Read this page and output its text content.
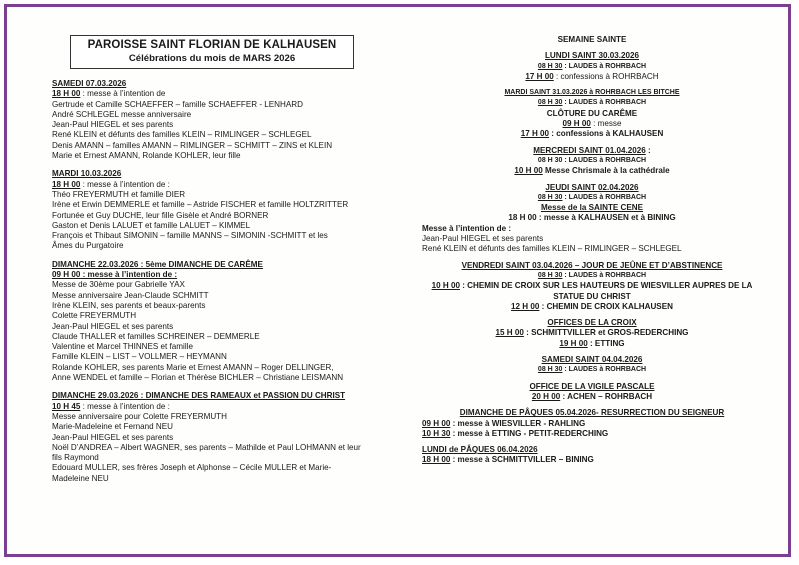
PAROISSE SAINT FLORIAN DE KALHAUSEN
Célébrations du mois de MARS 2026
SAMEDI 07.03.2026
18 H 00 : messe à l’intention de
Gertrude et Camille SCHAEFFER – famille SCHAEFFER - LENHARD
André SCHLEGEL messe anniversaire
Jean-Paul HIEGEL et ses parents
René KLEIN et défunts des familles KLEIN – RIMLINGER – SCHLEGEL
Denis AMANN – familles AMANN – RIMLINGER – SCHMITT – ZINS et KLEIN
Marie et Ernest AMANN, Rolande KOHLER, leur fille
MARDI 10.03.2026
18 H 00 : messe à l’intention de :
Théo FREYERMUTH et famille DIER
Irène et Erwin DEMMERLE et famille – Astride FISCHER et famille HOLTZRITTER
Fortunée et Guy DUCHE, leur fille Gisèle et André BORNER
Gaston et Denis LALUET et famille LALUET – KIMMEL
François et Thibaut SIMONIN – famille MANNS – SIMONIN -SCHMITT et les
Âmes du Purgatoire
DIMANCHE 22.03.2026 : 5ème DIMANCHE DE CARÊME
09 H 00 : messe à l’intention de :
Messe de 30ème pour Gabrielle YAX
Messe anniversaire Jean-Claude SCHMITT
Irène KLEIN, ses parents et beaux-parents
Colette FREYERMUTH
Jean-Paul HIEGEL et ses parents
Claude THALLER et familles SCHREINER – DEMMERLE
Valentine et Marcel THINNES et famille
Famille KLEIN – LIST – VOLLMER – HEYMANN
Rolande KOHLER, ses parents Marie et Ernest AMANN – Roger DELLINGER,
Anne WENDEL et famille – Florian et Thérèse BICHLER – Christiane LEISMANN
DIMANCHE 29.03.2026 : DIMANCHE DES RAMEAUX et PASSION DU CHRIST
10 H 45 : messe à l’intention de :
Messe anniversaire pour Colette FREYERMUTH
Marie-Madeleine et Fernand NEU
Jean-Paul HIEGEL et ses parents
Noël D’ANDREA – Albert WAGNER, ses parents – Mathilde et Paul LOHMANN et leur
fils Raymond
Edouard MULLER, ses frères Joseph et Alphonse – Cécile MULLER et Marie-
Madeleine NEU
SEMAINE SAINTE
LUNDI SAINT 30.03.2026
08 H 30 : LAUDES à ROHRBACH
17 H 00 : confessions à ROHRBACH
MARDI SAINT 31.03.2026 à ROHRBACH LES BITCHE
08 H 30 : LAUDES à ROHRBACH
CLÔTURE DU CARÊME
09 H 00 : messe
17 H 00 : confessions à KALHAUSEN
MERCREDI SAINT 01.04.2026 :
08 H 30 : LAUDES à ROHRBACH
10 H 00 Messe Chrismale à la cathédrale
JEUDI SAINT 02.04.2026
08 H 30 : LAUDES à ROHRBACH
Messe de la SAINTE CENE
18 H 00 : messe à KALHAUSEN et à BINING
Messe à l’intention de :
Jean-Paul HIEGEL et ses parents
René KLEIN et défunts des familles KLEIN – RIMLINGER – SCHLEGEL
VENDREDI SAINT 03.04.2026 – JOUR DE JEÛNE ET D’ABSTINENCE
08 H 30 : LAUDES à ROHRBACH
10 H 00 : CHEMIN DE CROIX SUR LES HAUTEURS DE WIESVILLER AUPRES DE LA
STATUE DU CHRIST
12 H 00 : CHEMIN DE CROIX KALHAUSEN
OFFICES DE LA CROIX
15 H 00 : SCHMITTVILLER et GROS-REDERCHING
19 H 00 : ETTING
SAMEDI SAINT 04.04.2026
08 H 30 : LAUDES à ROHRBACH
OFFICE DE LA VIGILE PASCALE
20 H 00 : ACHEN – ROHRBACH
DIMANCHE DE PÂQUES 05.04.2026- RESURRECTION DU SEIGNEUR
09 H 00 : messe à WIESVILLER - RAHLING
10 H 30 : messe à ETTING - PETIT-REDERCHING
LUNDI de PÂQUES 06.04.2026
18 H 00 : messe à SCHMITTVILLER – BINING
